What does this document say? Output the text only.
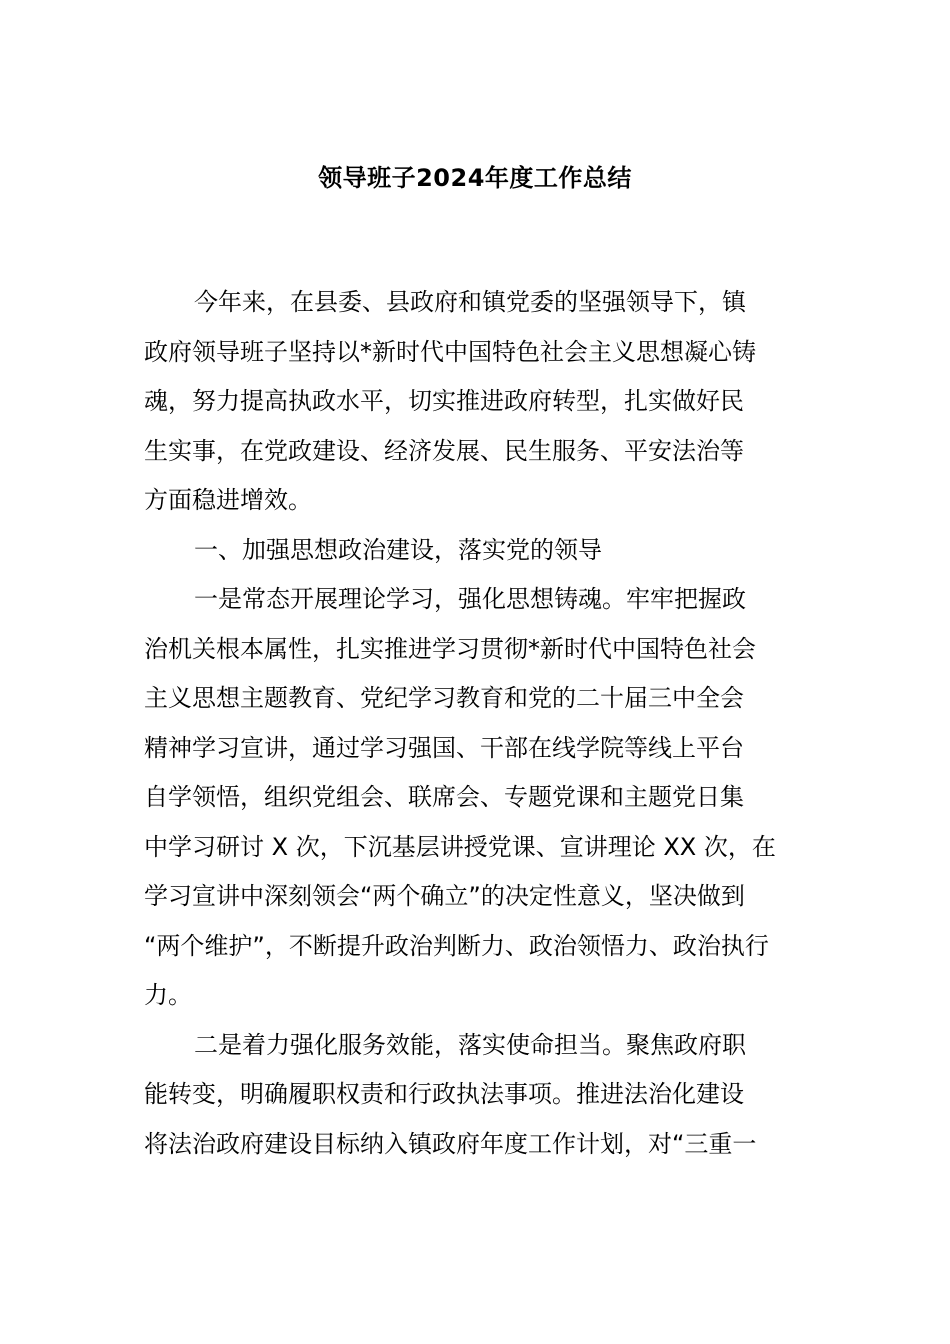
领导班子2024年度工作总结
今年来，在县委、县政府和镇党委的坚强领导下，镇
政府领导班子坚持以*新时代中国特色社会主义思想凝心铸
魂，努力提高执政水平，切实推进政府转型，扎实做好民
生实事，在党政建设、经济发展、民生服务、平安法治等
方面稳进增效。
一、加强思想政治建设，落实党的领导
一是常态开展理论学习，强化思想铸魂。牢牢把握政
治机关根本属性，扎实推进学习贯彻*新时代中国特色社会
主义思想主题教育、党纪学习教育和党的二十届三中全会
精神学习宣讲，通过学习强国、干部在线学院等线上平台
自学领悟，组织党组会、联席会、专题党课和主题党日集
中学习研讨 X 次，下沉基层讲授党课、宣讲理论 XX 次，在
学习宣讲中深刻领会“两个确立”的决定性意义，坚决做到
“两个维护”，不断提升政治判断力、政治领悟力、政治执行
力。
二是着力强化服务效能，落实使命担当。聚焦政府职
能转变，明确履职权责和行政执法事项。推进法治化建设
将法治政府建设目标纳入镇政府年度工作计划，对“三重一
